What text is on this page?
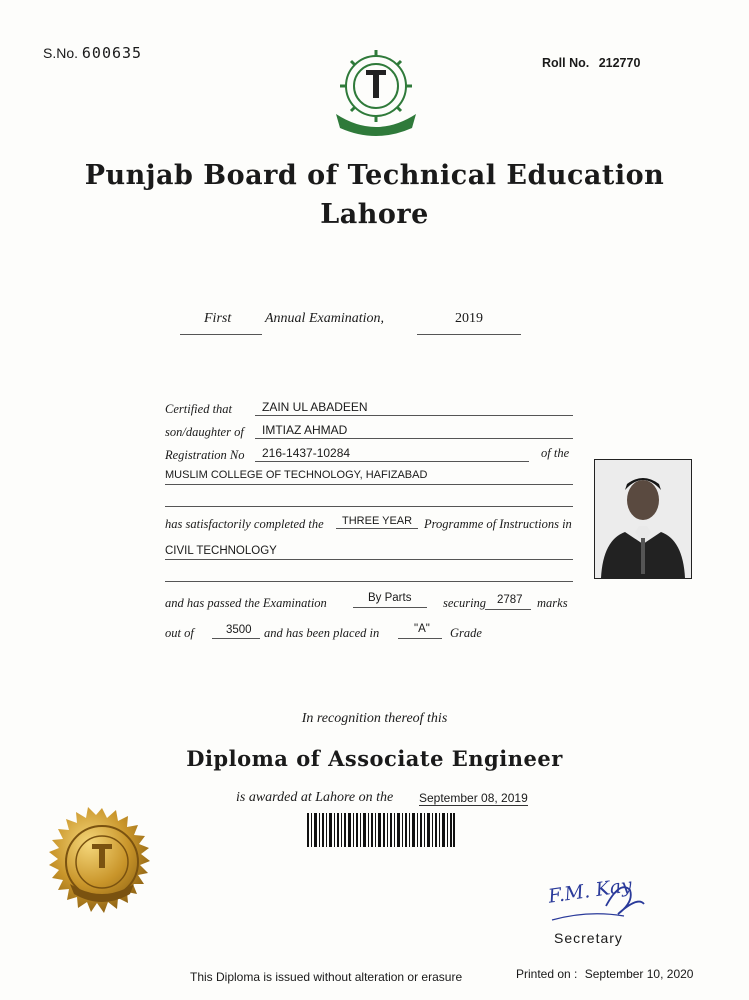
S.No. 600635
Roll No. 212770
Punjab Board of Technical Education
Lahore
First Annual Examination,	2019
Certified that ZAIN UL ABADEEN
son/daughter of IMTIAZ AHMAD
Registration No 216-1437-10284	of the
MUSLIM COLLEGE OF TECHNOLOGY, HAFIZABAD
has satisfactorily completed the THREE YEAR Programme of Instructions in
CIVIL TECHNOLOGY
and has passed the Examination	By Parts	securing 2787 marks
out of	3500 and has been placed in	"A" Grade
In recognition thereof this
Diploma of Associate Engineer
is awarded at Lahore on the September 08, 2019
F.M. Kay
Secretary
This Diploma is issued without alteration or erasure	Printed on : September 10, 2020
